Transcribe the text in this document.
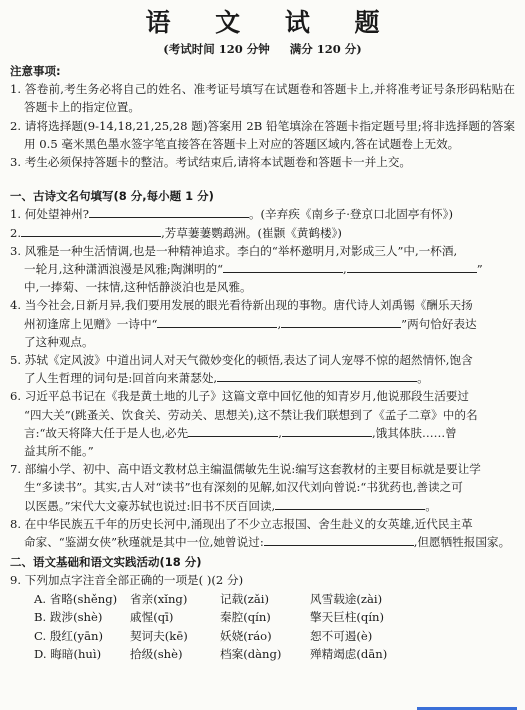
语 文 试 题
(考试时间 120 分钟 满分 120 分)
注意事项:
1. 答卷前,考生务必将自己的姓名、准考证号填写在试题卷和答题卡上,并将准考证号条形码粘贴在答题卡上的指定位置。
2. 请将选择题(9-14,18,21,25,28 题)答案用 2B 铅笔填涂在答题卡指定题号里;将非选择题的答案用 0.5 毫米黑色墨水签字笔直接答在答题卡上对应的答题区域内,答在试题卷上无效。
3. 考生必须保持答题卡的整洁。考试结束后,请将本试题卷和答题卡一并上交。
一、古诗文名句填写(8 分,每小题 1 分)
1. 何处望神州?	。(辛弃疾《南乡子·登京口北固亭有怀》)
2.	,芳草萋萋鹦鹉洲。(崔颢《黄鹤楼》)
3. 风雅是一种生活情调,也是一种精神追求。李白的“举杯邀明月,对影成三人”中,一杯酒,
一轮月,这种潇洒浪漫是风雅;陶渊明的“	,	”
中,一捧菊、一抹情,这种恬静淡泊也是风雅。
4. 当今社会,日新月异,我们要用发展的眼光看待新出现的事物。唐代诗人刘禹锡《酬乐天扬
州初逢席上见赠》一诗中“	,	”两句恰好表达
了这种观点。
5. 苏轼《定风波》中道出词人对天气微妙变化的顿悟,表达了词人宠辱不惊的超然情怀,饱含
了人生哲理的词句是:回首向来萧瑟处,	。
6. 习近平总书记在《我是黄土地的儿子》这篇文章中回忆他的知青岁月,他说那段生活要过
“四大关”(跳蚤关、饮食关、劳动关、思想关),这不禁让我们联想到了《孟子二章》中的名
言:“故天将降大任于是人也,必先	,	,饿其体肤……曾
益其所不能。”
7. 部编小学、初中、高中语文教材总主编温儒敏先生说:编写这套教材的主要目标就是要让学
生“多读书”。其实,古人对“读书”也有深刻的见解,如汉代刘向曾说:“书犹药也,善读之可
以医愚。”宋代大文豪苏轼也说过:旧书不厌百回读,	。
8. 在中华民族五千年的历史长河中,涌现出了不少立志报国、舍生赴义的女英雄,近代民主革
命家、“鉴湖女侠”秋瑾就是其中一位,她曾说过:	,但愿牺牲报国家。
二、语文基础和语文实践活动(18 分)
9. 下列加点字注音全部正确的一项是( )(2 分)
A. 省略(shěng)	省亲(xǐng)	记载(zǎi)	风雪载途(zài)
B. 跋涉(shè)	戚惺(qī)	秦腔(qín)	擎天巨柱(qín)
C. 殷红(yān)	契诃夫(kē)	妖娆(ráo)	恕不可遏(è)
D. 晦暗(huì)	拾级(shè)	档案(dàng)	殚精竭虑(dān)
